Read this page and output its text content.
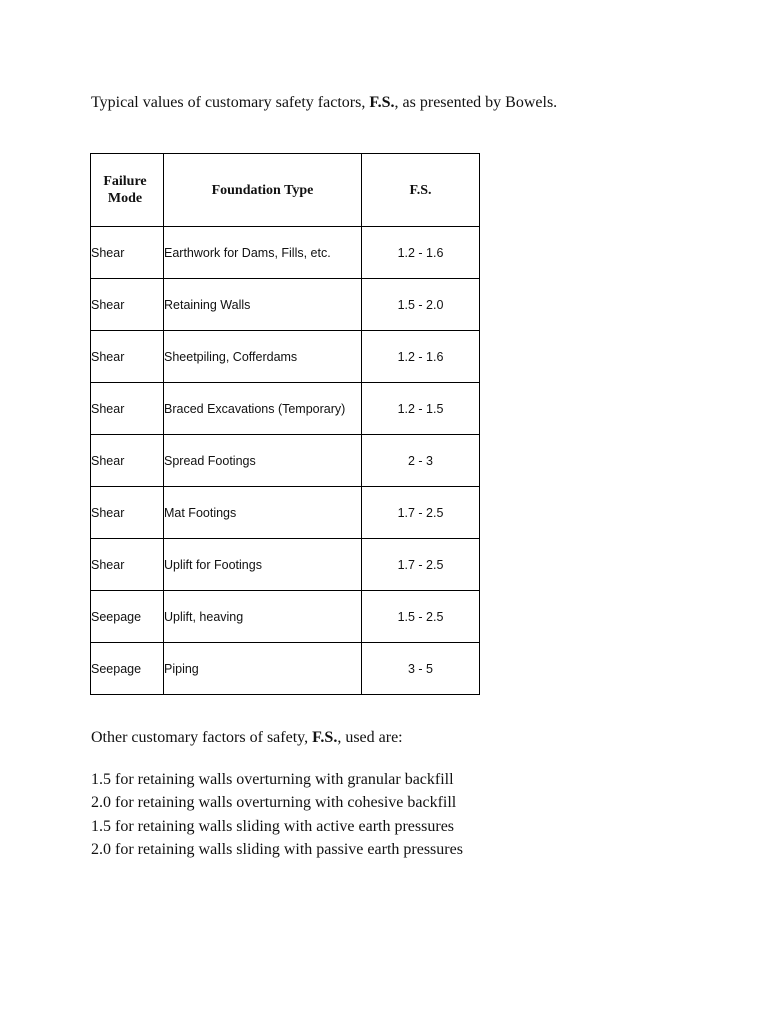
Typical values of customary safety factors, F.S., as presented by Bowels.

Failure
Mode	Foundation Type	F.S.
Shear	Earthwork for Dams, Fills, etc.	1.2 - 1.6
Shear	Retaining Walls	1.5 - 2.0
Shear	Sheetpiling, Cofferdams	1.2 - 1.6
Shear	Braced Excavations (Temporary)	1.2 - 1.5
Shear	Spread Footings	2 - 3
Shear	Mat Footings	1.7 - 2.5
Shear	Uplift for Footings	1.7 - 2.5
Seepage	Uplift, heaving	1.5 - 2.5
Seepage	Piping	3 - 5

Other customary factors of safety, F.S., used are:

1.5 for retaining walls overturning with granular backfill
2.0 for retaining walls overturning with cohesive backfill
1.5 for retaining walls sliding with active earth pressures
2.0 for retaining walls sliding with passive earth pressures
